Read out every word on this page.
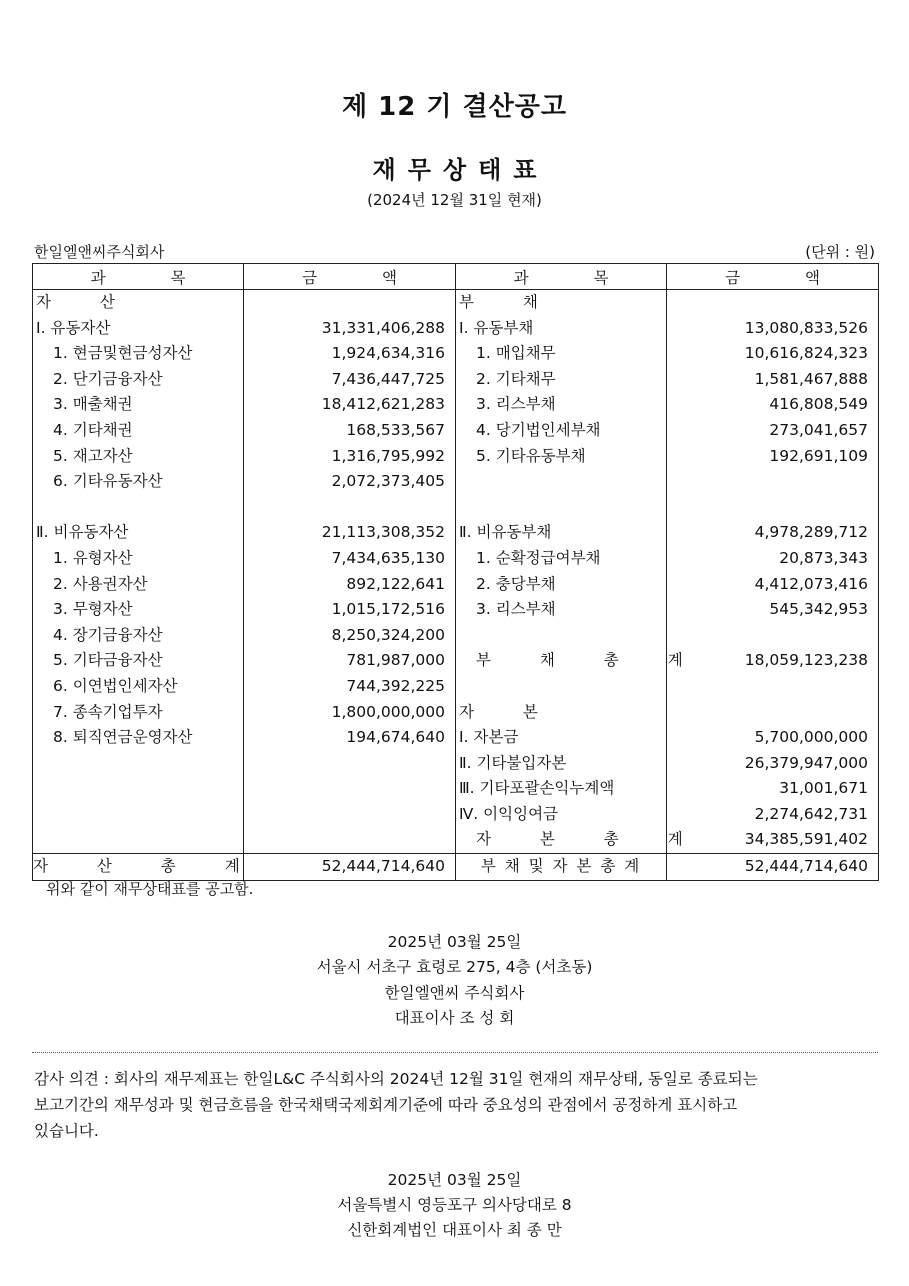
제 12 기 결산공고
재무상태표
(2024년 12월 31일 현재)
한일엘앤씨주식회사	(단위 : 원)
과 목	금 액	과 목	금 액
자 산		부 채	
Ⅰ. 유동자산	31,331,406,288	Ⅰ. 유동부채	13,080,833,526
1. 현금및현금성자산	1,924,634,316	1. 매입채무	10,616,824,323
2. 단기금융자산	7,436,447,725	2. 기타채무	1,581,467,888
3. 매출채권	18,412,621,283	3. 리스부채	416,808,549
4. 기타채권	168,533,567	4. 당기법인세부채	273,041,657
5. 재고자산	1,316,795,992	5. 기타유동부채	192,691,109
6. 기타유동자산	2,072,373,405		

Ⅱ. 비유동자산	21,113,308,352	Ⅱ. 비유동부채	4,978,289,712
1. 유형자산	7,434,635,130	1. 순확정급여부채	20,873,343
2. 사용권자산	892,122,641	2. 충당부채	4,412,073,416
3. 무형자산	1,015,172,516	3. 리스부채	545,342,953
4. 장기금융자산	8,250,324,200		
5. 기타금융자산	781,987,000	부 채 총 계	18,059,123,238
6. 이연법인세자산	744,392,225		
7. 종속기업투자	1,800,000,000	자 본	
8. 퇴직연금운영자산	194,674,640	Ⅰ. 자본금	5,700,000,000
		Ⅱ. 기타불입자본	26,379,947,000
		Ⅲ. 기타포괄손익누계액	31,001,671
		Ⅳ. 이익잉여금	2,274,642,731
		자 본 총 계	34,385,591,402
자 산 총 계	52,444,714,640	부 채 및 자 본 총 계	52,444,714,640
위와 같이 재무상태표를 공고함.
2025년 03월 25일
서울시 서초구 효령로 275, 4층 (서초동)
한일엘앤씨 주식회사
대표이사 조 성 회
감사 의견 : 회사의 재무제표는 한일L&C 주식회사의 2024년 12월 31일 현재의 재무상태, 동일로 종료되는
보고기간의 재무성과 및 현금흐름을 한국채택국제회계기준에 따라 중요성의 관점에서 공정하게 표시하고
있습니다.
2025년 03월 25일
서울특별시 영등포구 의사당대로 8
신한회계법인 대표이사 최 종 만
